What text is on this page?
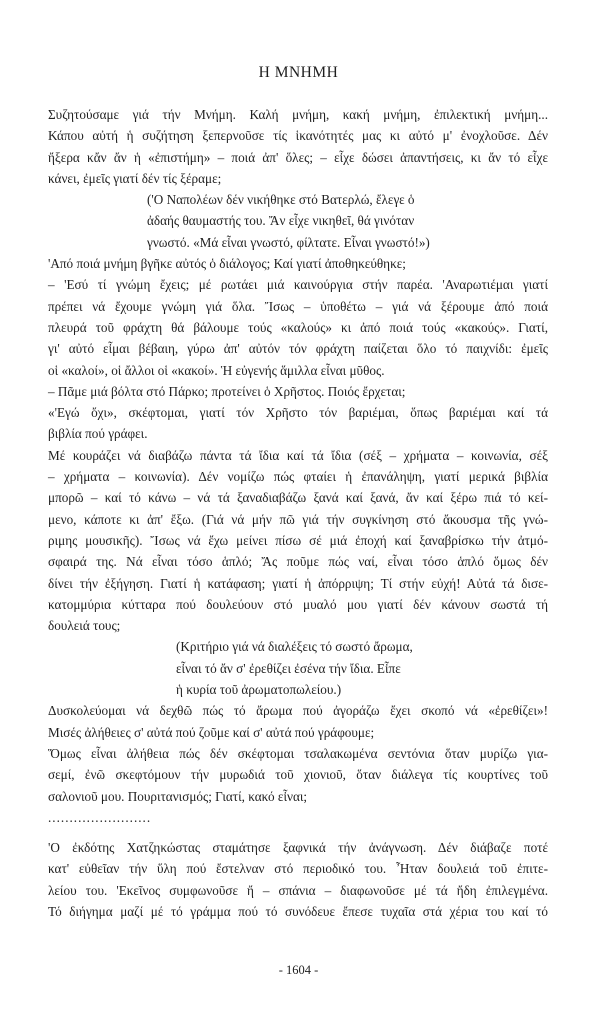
Η ΜΝΗΜΗ
Συζητούσαμε γιά τήν Μνήμη. Καλή μνήμη, κακή μνήμη, ἐπιλεκτική μνήμη...
Κάπου αὐτή ἡ συζήτηση ξεπερνοῦσε τίς ἱκανότητές μας κι αὐτό μ' ἐνοχλοῦσε. Δέν
ἤξερα κἄν ἄν ἡ «ἐπιστήμη» – ποιά ἀπ' ὅλες; – εἶχε δώσει ἀπαντήσεις, κι ἄν τό εἶχε
κάνει, ἐμεῖς γιατί δέν τίς ξέραμε;
('Ο Ναπολέων δέν νικήθηκε στό Βατερλώ, ἔλεγε ὁ
ἀδαής θαυμαστής του. Ἄν εἶχε νικηθεῖ, θά γινόταν
γνωστό. «Μά εἶναι γνωστό, φίλτατε. Εἶναι γνωστό!»)
'Από ποιά μνήμη βγῆκε αὐτός ὁ διάλογος; Καί γιατί ἀποθηκεύθηκε;
– 'Εσύ τί γνώμη ἔχεις; μέ ρωτάει μιά καινούργια στήν παρέα. 'Αναρωτιέμαι γιατί
πρέπει νά ἔχουμε γνώμη γιά ὅλα. Ἴσως – ὑποθέτω – γιά νά ξέρουμε ἀπό ποιά
πλευρά τοῦ φράχτη θά βάλουμε τούς «καλούς» κι ἀπό ποιά τούς «κακούς». Γιατί,
γι' αὐτό εἶμαι βέβαιη, γύρω ἀπ' αὐτόν τόν φράχτη παίζεται ὅλο τό παιχνίδι: ἐμεῖς
οἱ «καλοί», οἱ ἄλλοι οἱ «κακοί». Ἡ εὐγενής ἅμιλλα εἶναι μῦθος.
– Πᾶμε μιά βόλτα στό Πάρκο; προτείνει ὁ Χρῆστος. Ποιός ἔρχεται;
«'Εγώ ὄχι», σκέφτομαι, γιατί τόν Χρῆστο τόν βαριέμαι, ὅπως βαριέμαι καί τά
βιβλία πού γράφει.
Μέ κουράζει νά διαβάζω πάντα τά ἴδια καί τά ἴδια (σέξ – χρήματα – κοινωνία, σέξ
– χρήματα – κοινωνία). Δέν νομίζω πώς φταίει ἡ ἐπανάληψη, γιατί μερικά βιβλία
μπορῶ – καί τό κάνω – νά τά ξαναδιαβάζω ξανά καί ξανά, ἄν καί ξέρω πιά τό κεί-
μενο, κάποτε κι ἀπ' ἔξω. (Γιά νά μήν πῶ γιά τήν συγκίνηση στό ἄκουσμα τῆς γνώ-
ριμης μουσικῆς). Ἴσως νά ἔχω μείνει πίσω σέ μιά ἐποχή καί ξαναβρίσκω τήν ἀτμό-
σφαιρά της. Νά εἶναι τόσο ἁπλό; Ἄς ποῦμε πώς ναί, εἶναι τόσο ἁπλό ὅμως δέν
δίνει τήν ἐξήγηση. Γιατί ἡ κατάφαση; γιατί ἡ ἀπόρριψη; Τί στήν εὐχή! Αὐτά τά δισε-
κατομμύρια κύτταρα πού δουλεύουν στό μυαλό μου γιατί δέν κάνουν σωστά τή
δουλειά τους;
(Κριτήριο γιά νά διαλέξεις τό σωστό ἄρωμα,
εἶναι τό ἄν σ' ἐρεθίζει ἐσένα τήν ἴδια. Εἶπε
ἡ κυρία τοῦ ἀρωματοπωλείου.)
Δυσκολεύομαι νά δεχθῶ πώς τό ἄρωμα πού ἀγοράζω ἔχει σκοπό νά «ἐρεθίζει»!
Μισές ἀλήθειες σ' αὐτά πού ζοῦμε καί σ' αὐτά πού γράφουμε;
Ὅμως εἶναι ἀλήθεια πώς δέν σκέφτομαι τσαλακωμένα σεντόνια ὅταν μυρίζω για-
σεμί, ἐνῶ σκεφτόμουν τήν μυρωδιά τοῦ χιονιοῦ, ὅταν διάλεγα τίς κουρτίνες τοῦ
σαλονιοῦ μου. Πουριτανισμός; Γιατί, κακό εἶναι;
........................
'Ο ἐκδότης Χατζηκώστας σταμάτησε ξαφνικά τήν ἀνάγνωση. Δέν διάβαζε ποτέ
κατ' εὐθεῖαν τήν ὕλη πού ἔστελναν στό περιοδικό του. Ἦταν δουλειά τοῦ ἐπιτε-
λείου του. 'Εκεῖνος συμφωνοῦσε ἤ – σπάνια – διαφωνοῦσε μέ τά ἤδη ἐπιλεγμένα.
Τό διήγημα μαζί μέ τό γράμμα πού τό συνόδευε ἔπεσε τυχαῖα στά χέρια του καί τό
- 1604 -
